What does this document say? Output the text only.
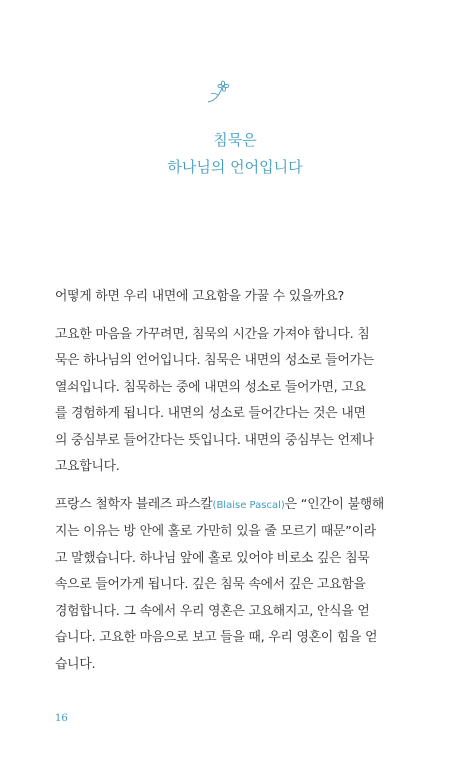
침묵은
하나님의 언어입니다

어떻게 하면 우리 내면에 고요함을 가꿀 수 있을까요?

고요한 마음을 가꾸려면, 침묵의 시간을 가져야 합니다. 침
묵은 하나님의 언어입니다. 침묵은 내면의 성소로 들어가는
열쇠입니다. 침묵하는 중에 내면의 성소로 들어가면, 고요
를 경험하게 됩니다. 내면의 성소로 들어간다는 것은 내면
의 중심부로 들어간다는 뜻입니다. 내면의 중심부는 언제나
고요합니다.

프랑스 철학자 블레즈 파스칼(Blaise Pascal)은 “인간이 불행해
지는 이유는 방 안에 홀로 가만히 있을 줄 모르기 때문”이라
고 말했습니다. 하나님 앞에 홀로 있어야 비로소 깊은 침묵
속으로 들어가게 됩니다. 깊은 침묵 속에서 깊은 고요함을
경험합니다. 그 속에서 우리 영혼은 고요해지고, 안식을 얻
습니다. 고요한 마음으로 보고 들을 때, 우리 영혼이 힘을 얻
습니다.

16
